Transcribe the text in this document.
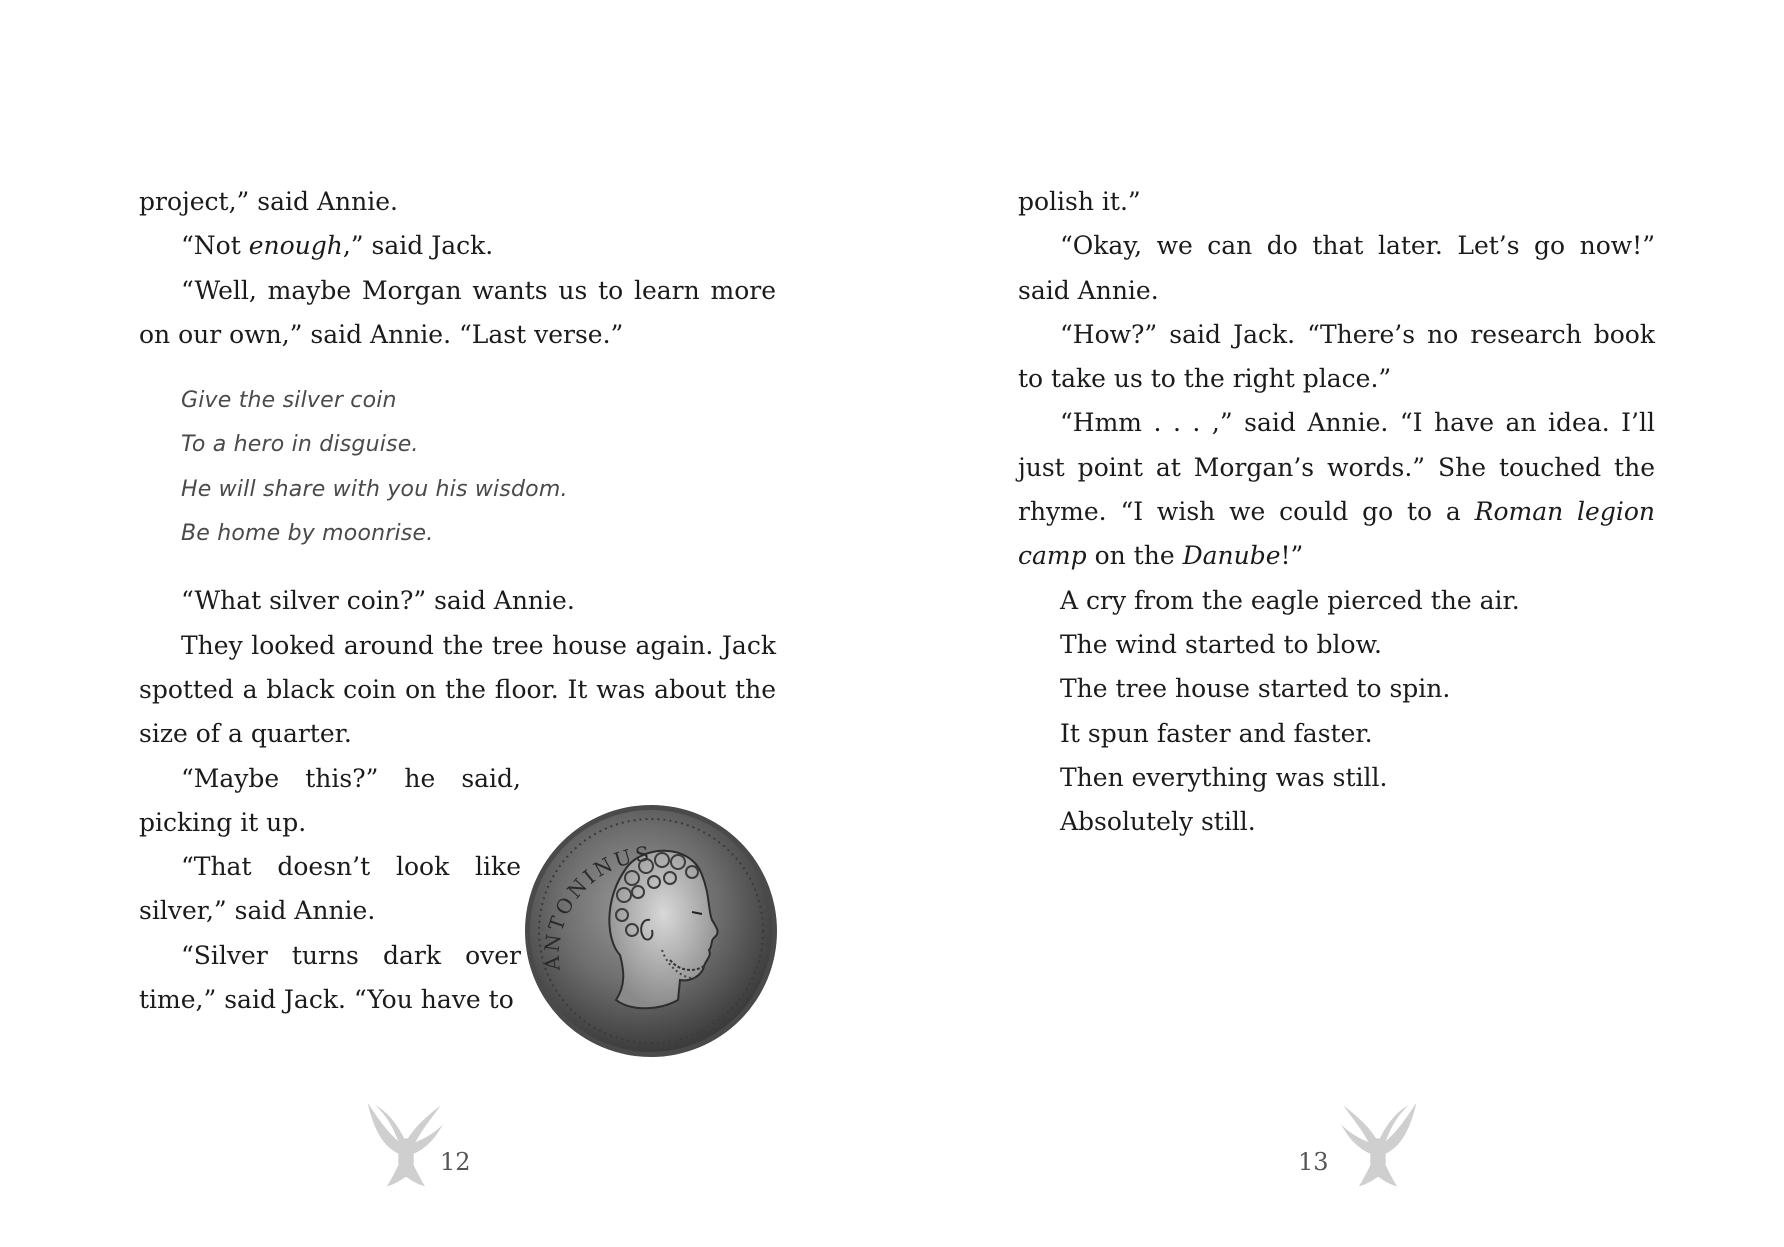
project,” said Annie.

“Not enough,” said Jack.

“Well, maybe Morgan wants us to learn more on our own,” said Annie. “Last verse.”

Give the silver coin
To a hero in disguise.
He will share with you his wisdom.
Be home by moonrise.

“What silver coin?” said Annie.

They looked around the tree house again. Jack spotted a black coin on the floor. It was about the size of a quarter.

“Maybe this?” he said, picking it up.

“That doesn’t look like silver,” said Annie.

“Silver turns dark over time,” said Jack. “You have to

ANTONINUS
12

polish it.”

“Okay, we can do that later. Let’s go now!” said Annie.

“How?” said Jack. “There’s no research book to take us to the right place.”

“Hmm . . . ,” said Annie. “I have an idea. I’ll just point at Morgan’s words.” She touched the rhyme. “I wish we could go to a Roman legion camp on the Danube!”

A cry from the eagle pierced the air.

The wind started to blow.

The tree house started to spin.

It spun faster and faster.

Then everything was still.

Absolutely still.

13
